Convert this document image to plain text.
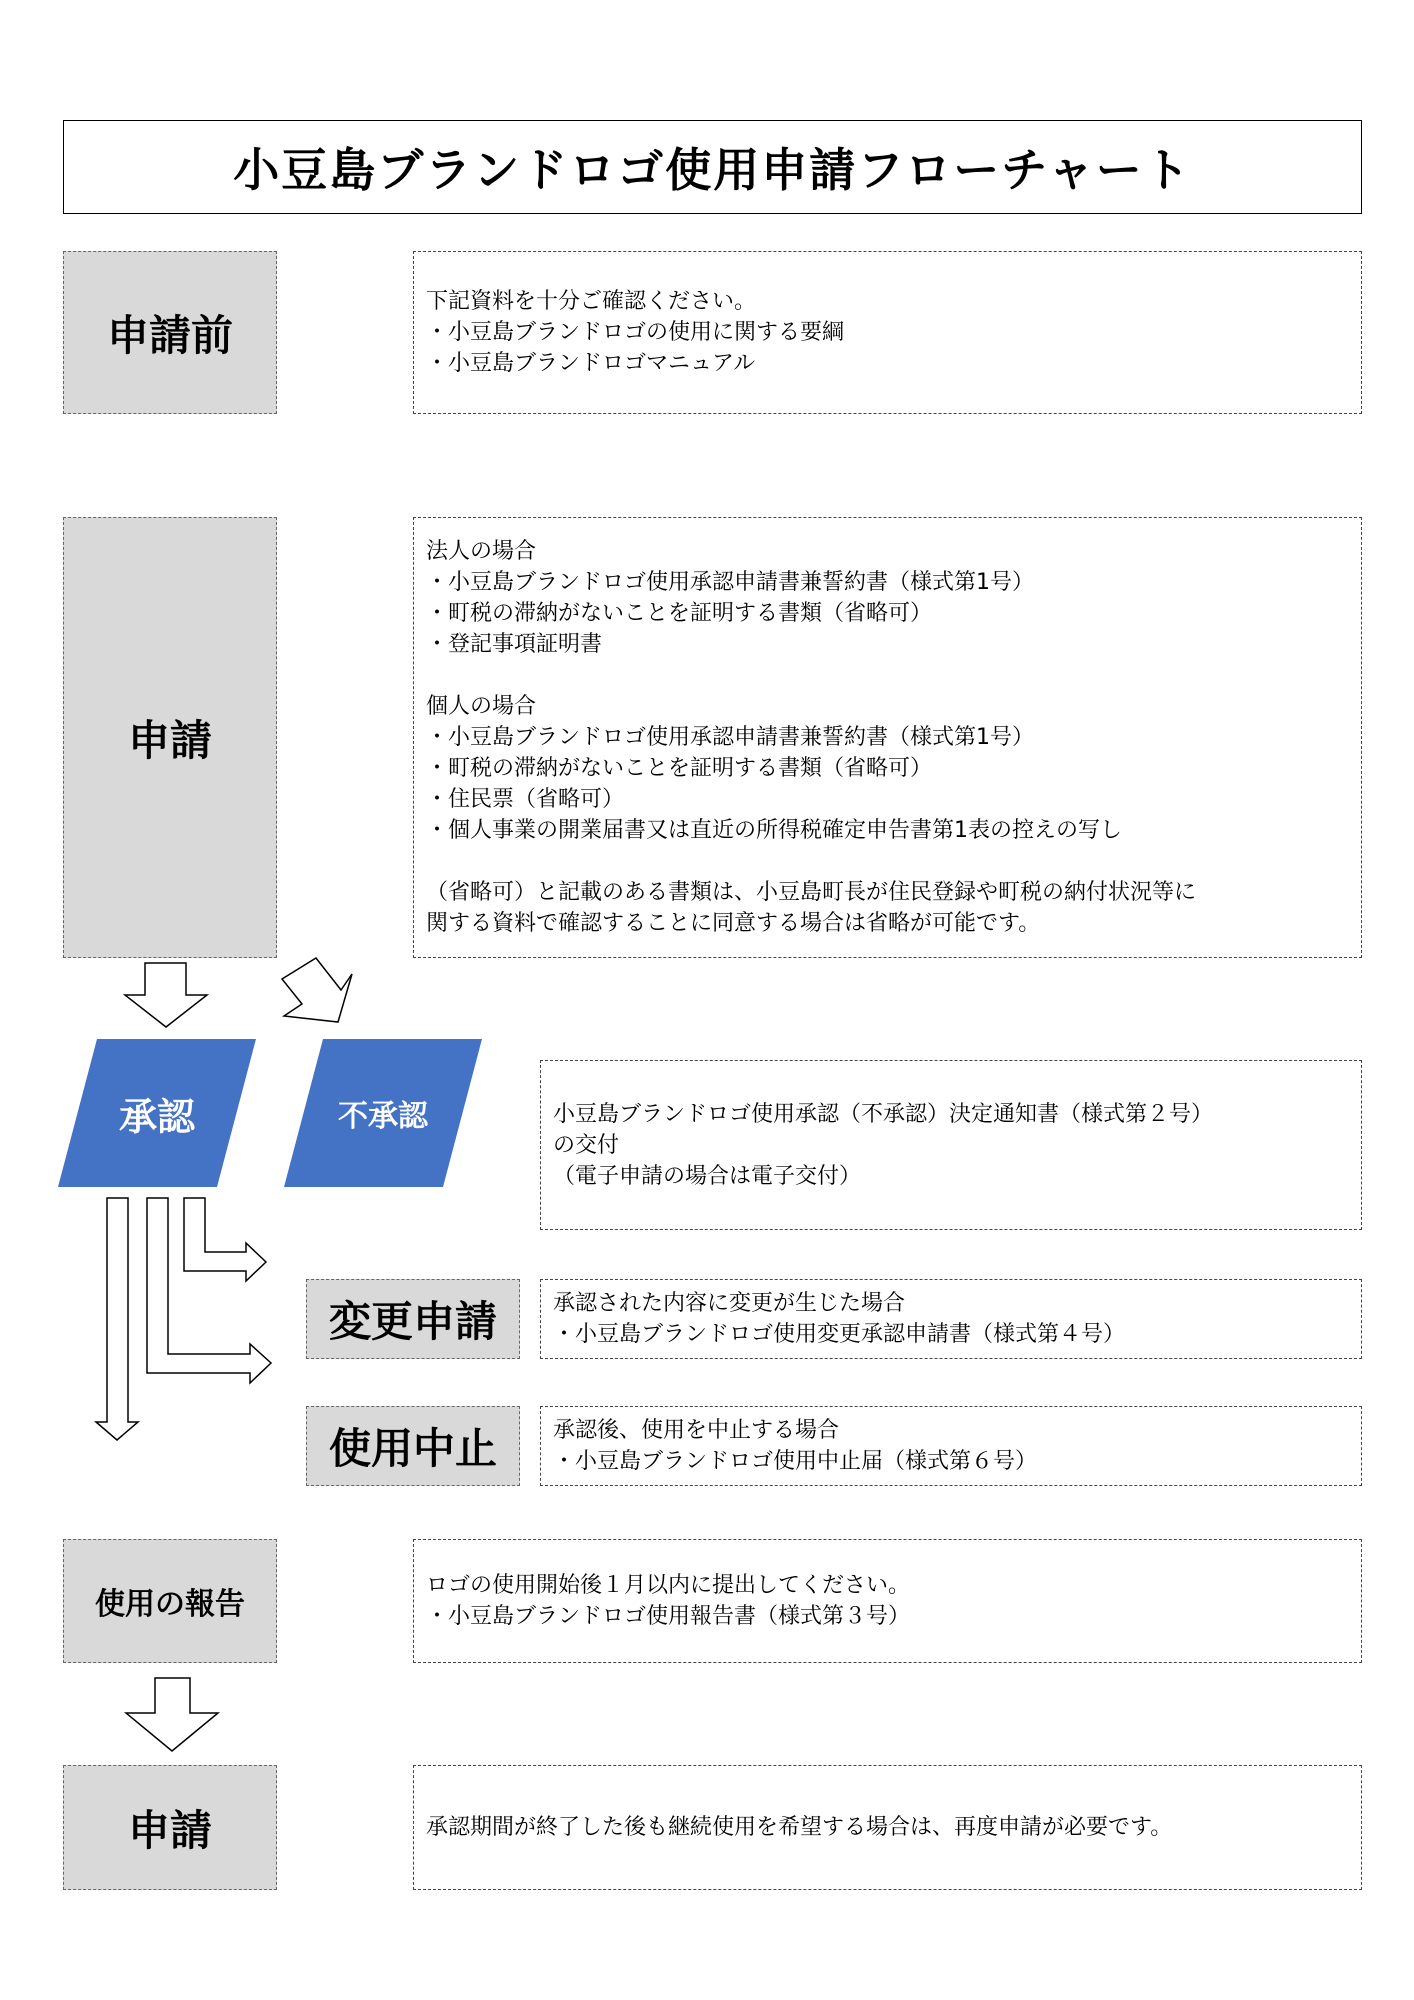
小豆島ブランドロゴ使用申請フローチャート
申請前
下記資料を十分ご確認ください。
・小豆島ブランドロゴの使用に関する要綱
・小豆島ブランドロゴマニュアル
申請
法人の場合
・小豆島ブランドロゴ使用承認申請書兼誓約書（様式第1号）
・町税の滞納がないことを証明する書類（省略可）
・登記事項証明書
個人の場合
・小豆島ブランドロゴ使用承認申請書兼誓約書（様式第1号）
・町税の滞納がないことを証明する書類（省略可）
・住民票（省略可）
・個人事業の開業届書又は直近の所得税確定申告書第1表の控えの写し
（省略可）と記載のある書類は、小豆島町長が住民登録や町税の納付状況等に
関する資料で確認することに同意する場合は省略が可能です。
承認	不承認	小豆島ブランドロゴ使用承認（不承認）決定通知書（様式第２号）
の交付
（電子申請の場合は電子交付）
変更申請	承認された内容に変更が生じた場合
・小豆島ブランドロゴ使用変更承認申請書（様式第４号）
使用中止	承認後、使用を中止する場合
・小豆島ブランドロゴ使用中止届（様式第６号）
使用の報告
ロゴの使用開始後１月以内に提出してください。
・小豆島ブランドロゴ使用報告書（様式第３号）
申請	承認期間が終了した後も継続使用を希望する場合は、再度申請が必要です。
